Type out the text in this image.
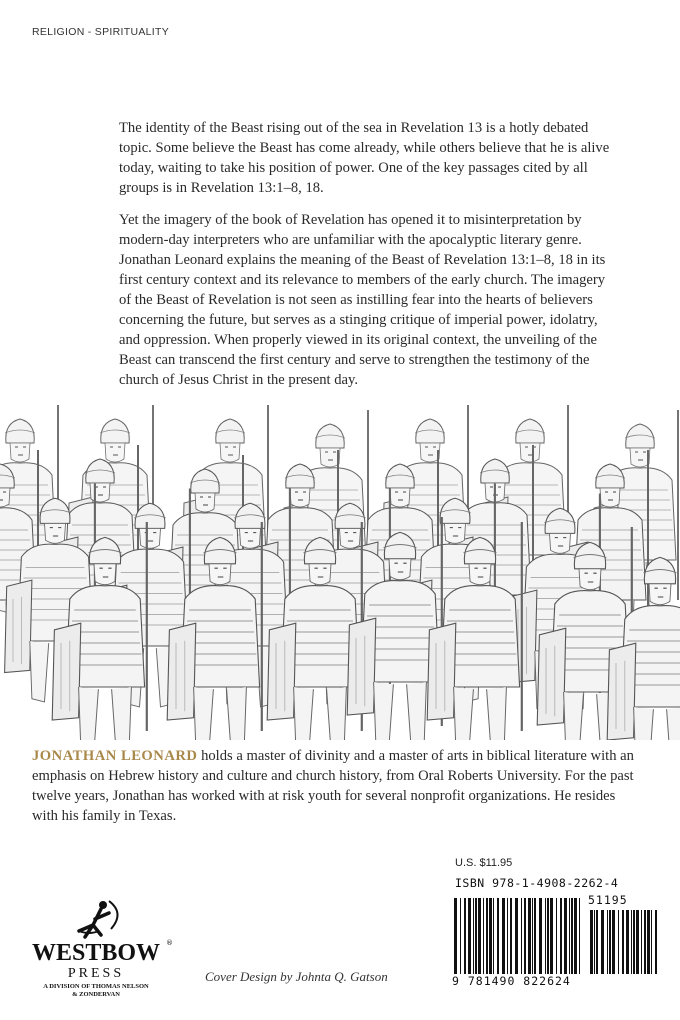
RELIGION - SPIRITUALITY

The identity of the Beast rising out of the sea in Revelation 13 is a hotly debated topic. Some believe the Beast has come already, while others believe that he is alive today, waiting to take his position of power. One of the key passages cited by all groups is in Revelation 13:1–8, 18.

Yet the imagery of the book of Revelation has opened it to misinterpretation by modern-day interpreters who are unfamiliar with the apocalyptic literary genre. Jonathan Leonard explains the meaning of the Beast of Revelation 13:1–8, 18 in its first century context and its relevance to members of the early church. The imagery of the Beast of Revelation is not seen as instilling fear into the hearts of believers concerning the future, but serves as a stinging critique of imperial power, idolatry, and oppression. When properly viewed in its original context, the unveiling of the Beast can transcend the first century and serve to strengthen the testimony of the church of Jesus Christ in the present day.

JONATHAN LEONARD holds a master of divinity and a master of arts in biblical literature with an emphasis on Hebrew history and culture and church history, from Oral Roberts University. For the past twelve years, Jonathan has worked with at risk youth for several nonprofit organizations. He resides with his family in Texas.

WESTBOW ®
PRESS
A DIVISION OF THOMAS NELSON
& ZONDERVAN
Cover Design by Johnta Q. Gatson
U.S. $11.95
ISBN 978-1-4908-2262-4
51195
9 781490 822624
